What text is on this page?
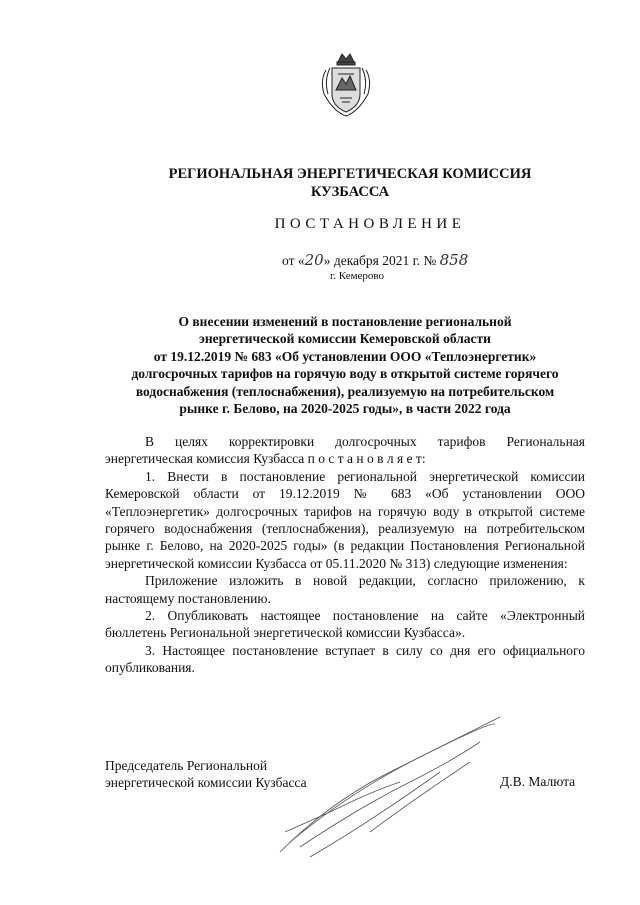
РЕГИОНАЛЬНАЯ ЭНЕРГЕТИЧЕСКАЯ КОМИССИЯ
КУЗБАССА
ПОСТАНОВЛЕНИЕ
от «20» декабря 2021 г. № 858
г. Кемерово
О внесении изменений в постановление региональной
энергетической комиссии Кемеровской области
от 19.12.2019 № 683 «Об установлении ООО «Теплоэнергетик»
долгосрочных тарифов на горячую воду в открытой системе горячего
водоснабжения (теплоснабжения), реализуемую на потребительском
рынке г. Белово, на 2020-2025 годы», в части 2022 года

В целях корректировки долгосрочных тарифов Региональная энергетическая комиссия Кузбасса п о с т а н о в л я е т:

1. Внести в постановление региональной энергетической комиссии Кемеровской области от 19.12.2019 № 683 «Об установлении ООО «Теплоэнергетик» долгосрочных тарифов на горячую воду в открытой системе горячего водоснабжения (теплоснабжения), реализуемую на потребительском рынке г. Белово, на 2020-2025 годы» (в редакции Постановления Региональной энергетической комиссии Кузбасса от 05.11.2020 № 313) следующие изменения:

Приложение изложить в новой редакции, согласно приложению, к настоящему постановлению.

2. Опубликовать настоящее постановление на сайте «Электронный бюллетень Региональной энергетической комиссии Кузбасса».

3. Настоящее постановление вступает в силу со дня его официального опубликования.

Председатель Региональной
энергетической комиссии Кузбасса	Д.В. Малюта
